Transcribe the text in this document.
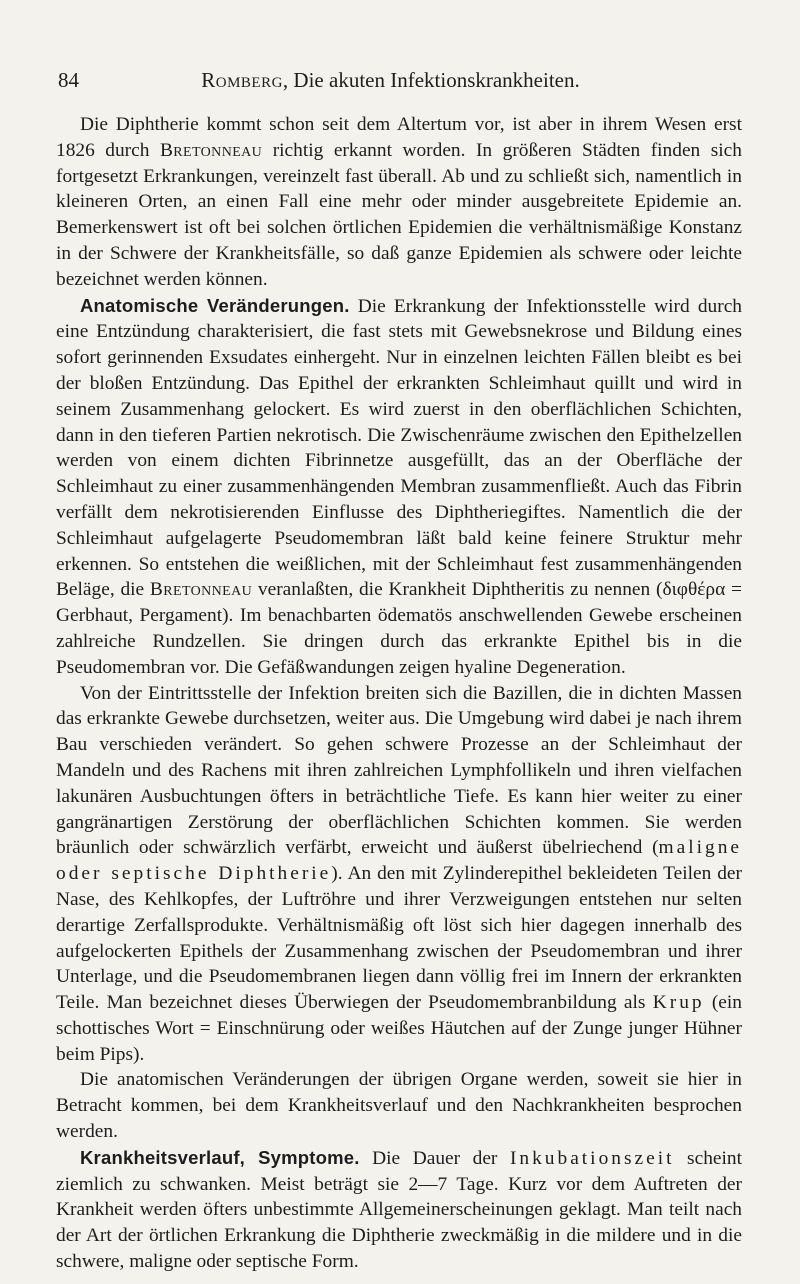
84	Romberg, Die akuten Infektionskrankheiten.

Die Diphtherie kommt schon seit dem Altertum vor, ist aber in ihrem Wesen erst 1826 durch Bretonneau richtig erkannt worden. In größeren Städten finden sich fortgesetzt Erkrankungen, vereinzelt fast überall. Ab und zu schließt sich, namentlich in kleineren Orten, an einen Fall eine mehr oder minder ausgebreitete Epidemie an. Bemerkenswert ist oft bei solchen örtlichen Epidemien die verhältnismäßige Konstanz in der Schwere der Krankheitsfälle, so daß ganze Epidemien als schwere oder leichte bezeichnet werden können.

Anatomische Veränderungen. Die Erkrankung der Infektionsstelle wird durch eine Entzündung charakterisiert, die fast stets mit Gewebsnekrose und Bildung eines sofort gerinnenden Exsudates einhergeht. Nur in einzelnen leichten Fällen bleibt es bei der bloßen Entzündung. Das Epithel der erkrankten Schleimhaut quillt und wird in seinem Zusammenhang gelockert. Es wird zuerst in den oberflächlichen Schichten, dann in den tieferen Partien nekrotisch. Die Zwischenräume zwischen den Epithelzellen werden von einem dichten Fibrinnetze ausgefüllt, das an der Oberfläche der Schleimhaut zu einer zusammenhängenden Membran zusammenfließt. Auch das Fibrin verfällt dem nekrotisierenden Einflusse des Diphtheriegiftes. Namentlich die der Schleimhaut aufgelagerte Pseudomembran läßt bald keine feinere Struktur mehr erkennen. So entstehen die weißlichen, mit der Schleimhaut fest zusammenhängenden Beläge, die Bretonneau veranlaßten, die Krankheit Diphtheritis zu nennen (διφθέρα = Gerbhaut, Pergament). Im benachbarten ödematös anschwellenden Gewebe erscheinen zahlreiche Rundzellen. Sie dringen durch das erkrankte Epithel bis in die Pseudomembran vor. Die Gefäßwandungen zeigen hyaline Degeneration.

Von der Eintrittsstelle der Infektion breiten sich die Bazillen, die in dichten Massen das erkrankte Gewebe durchsetzen, weiter aus. Die Umgebung wird dabei je nach ihrem Bau verschieden verändert. So gehen schwere Prozesse an der Schleimhaut der Mandeln und des Rachens mit ihren zahlreichen Lymphfollikeln und ihren vielfachen lakunären Ausbuchtungen öfters in beträchtliche Tiefe. Es kann hier weiter zu einer gangränartigen Zerstörung der oberflächlichen Schichten kommen. Sie werden bräunlich oder schwärzlich verfärbt, erweicht und äußerst übelriechend (maligne oder septische Diphtherie). An den mit Zylinderepithel bekleideten Teilen der Nase, des Kehlkopfes, der Luftröhre und ihrer Verzweigungen entstehen nur selten derartige Zerfallsprodukte. Verhältnismäßig oft löst sich hier dagegen innerhalb des aufgelockerten Epithels der Zusammenhang zwischen der Pseudomembran und ihrer Unterlage, und die Pseudomembranen liegen dann völlig frei im Innern der erkrankten Teile. Man bezeichnet dieses Überwiegen der Pseudomembranbildung als Krup (ein schottisches Wort = Einschnürung oder weißes Häutchen auf der Zunge junger Hühner beim Pips).

Die anatomischen Veränderungen der übrigen Organe werden, soweit sie hier in Betracht kommen, bei dem Krankheitsverlauf und den Nachkrankheiten besprochen werden.

Krankheitsverlauf, Symptome. Die Dauer der Inkubationszeit scheint ziemlich zu schwanken. Meist beträgt sie 2—7 Tage. Kurz vor dem Auftreten der Krankheit werden öfters unbestimmte Allgemeinerscheinungen geklagt. Man teilt nach der Art der örtlichen Erkrankung die Diphtherie zweckmäßig in die mildere und in die schwere, maligne oder septische Form.
